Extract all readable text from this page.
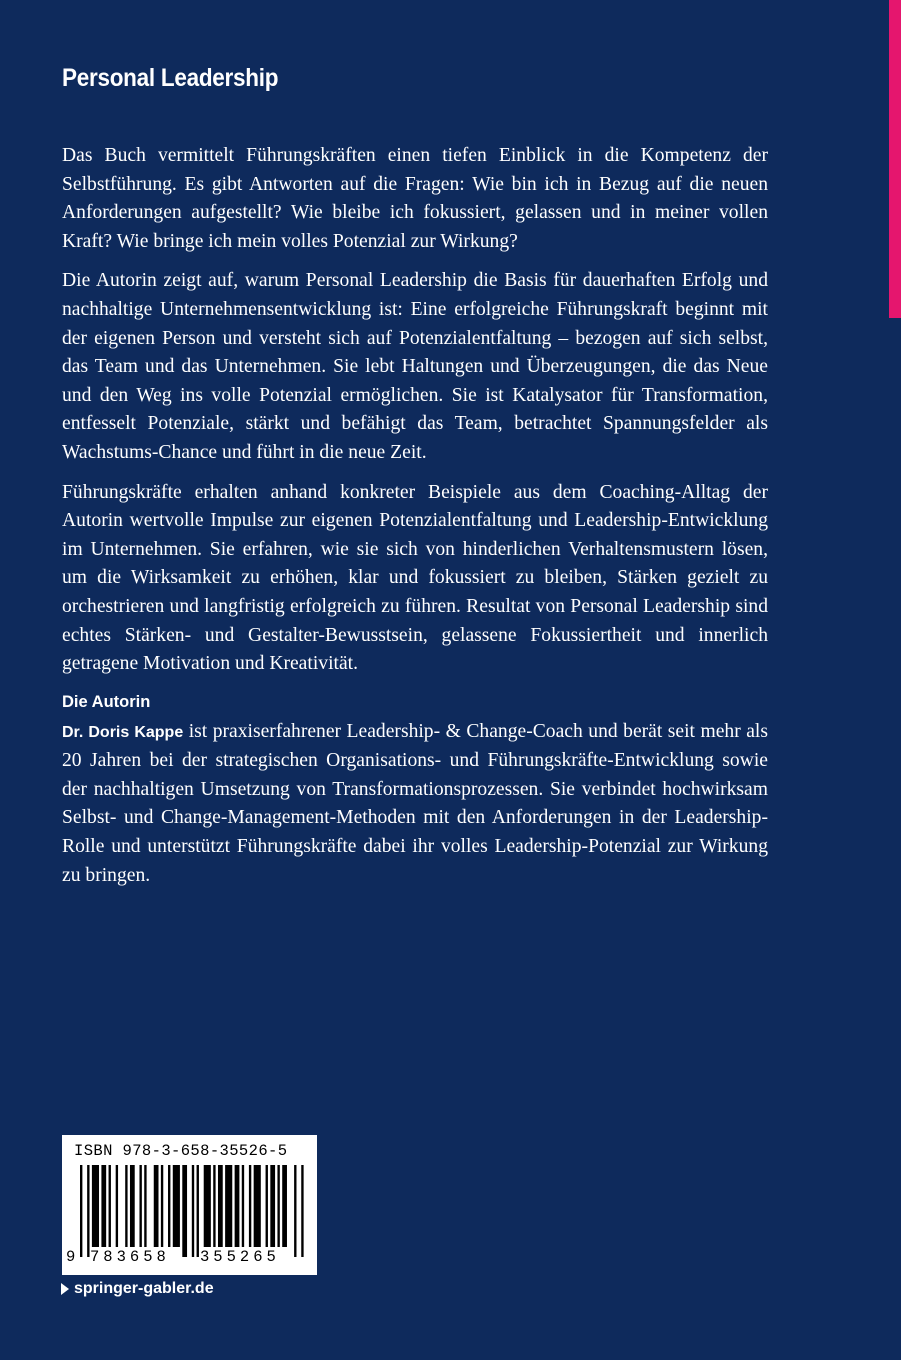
Personal Leadership

Das Buch vermittelt Führungskräften einen tiefen Einblick in die Kompetenz der Selbstführung. Es gibt Antworten auf die Fragen: Wie bin ich in Bezug auf die neuen Anforderungen aufgestellt? Wie bleibe ich fokussiert, gelassen und in meiner vollen Kraft? Wie bringe ich mein volles Potenzial zur Wirkung?

Die Autorin zeigt auf, warum Personal Leadership die Basis für dauerhaften Erfolg und nachhaltige Unternehmensentwicklung ist: Eine erfolgreiche Führungskraft beginnt mit der eigenen Person und versteht sich auf Potenzialentfaltung – bezogen auf sich selbst, das Team und das Unternehmen. Sie lebt Haltungen und Überzeugungen, die das Neue und den Weg ins volle Potenzial ermöglichen. Sie ist Katalysator für Transformation, entfesselt Potenziale, stärkt und befähigt das Team, betrachtet Spannungsfelder als Wachstums-Chance und führt in die neue Zeit.

Führungskräfte erhalten anhand konkreter Beispiele aus dem Coaching-Alltag der Autorin wertvolle Impulse zur eigenen Potenzialentfaltung und Leadership-Entwicklung im Unternehmen. Sie erfahren, wie sie sich von hinderlichen Verhaltensmustern lösen, um die Wirksamkeit zu erhöhen, klar und fokussiert zu bleiben, Stärken gezielt zu orchestrieren und langfristig erfolgreich zu führen. Resultat von Personal Leadership sind echtes Stärken- und Gestalter-Bewusstsein, gelassene Fokussiertheit und innerlich getragene Motivation und Kreativität.

Die Autorin

Dr. Doris Kappe ist praxiserfahrener Leadership- & Change-Coach und berät seit mehr als 20 Jahren bei der strategischen Organisations- und Führungskräfte-Entwicklung sowie der nachhaltigen Umsetzung von Transformationsprozessen. Sie verbindet hochwirksam Selbst- und Change-Management-Methoden mit den Anforderungen in der Leadership-Rolle und unterstützt Führungskräfte dabei ihr volles Leadership-Potenzial zur Wirkung zu bringen.

ISBN 978-3-658-35526-5
9 783658 355265
springer-gabler.de
